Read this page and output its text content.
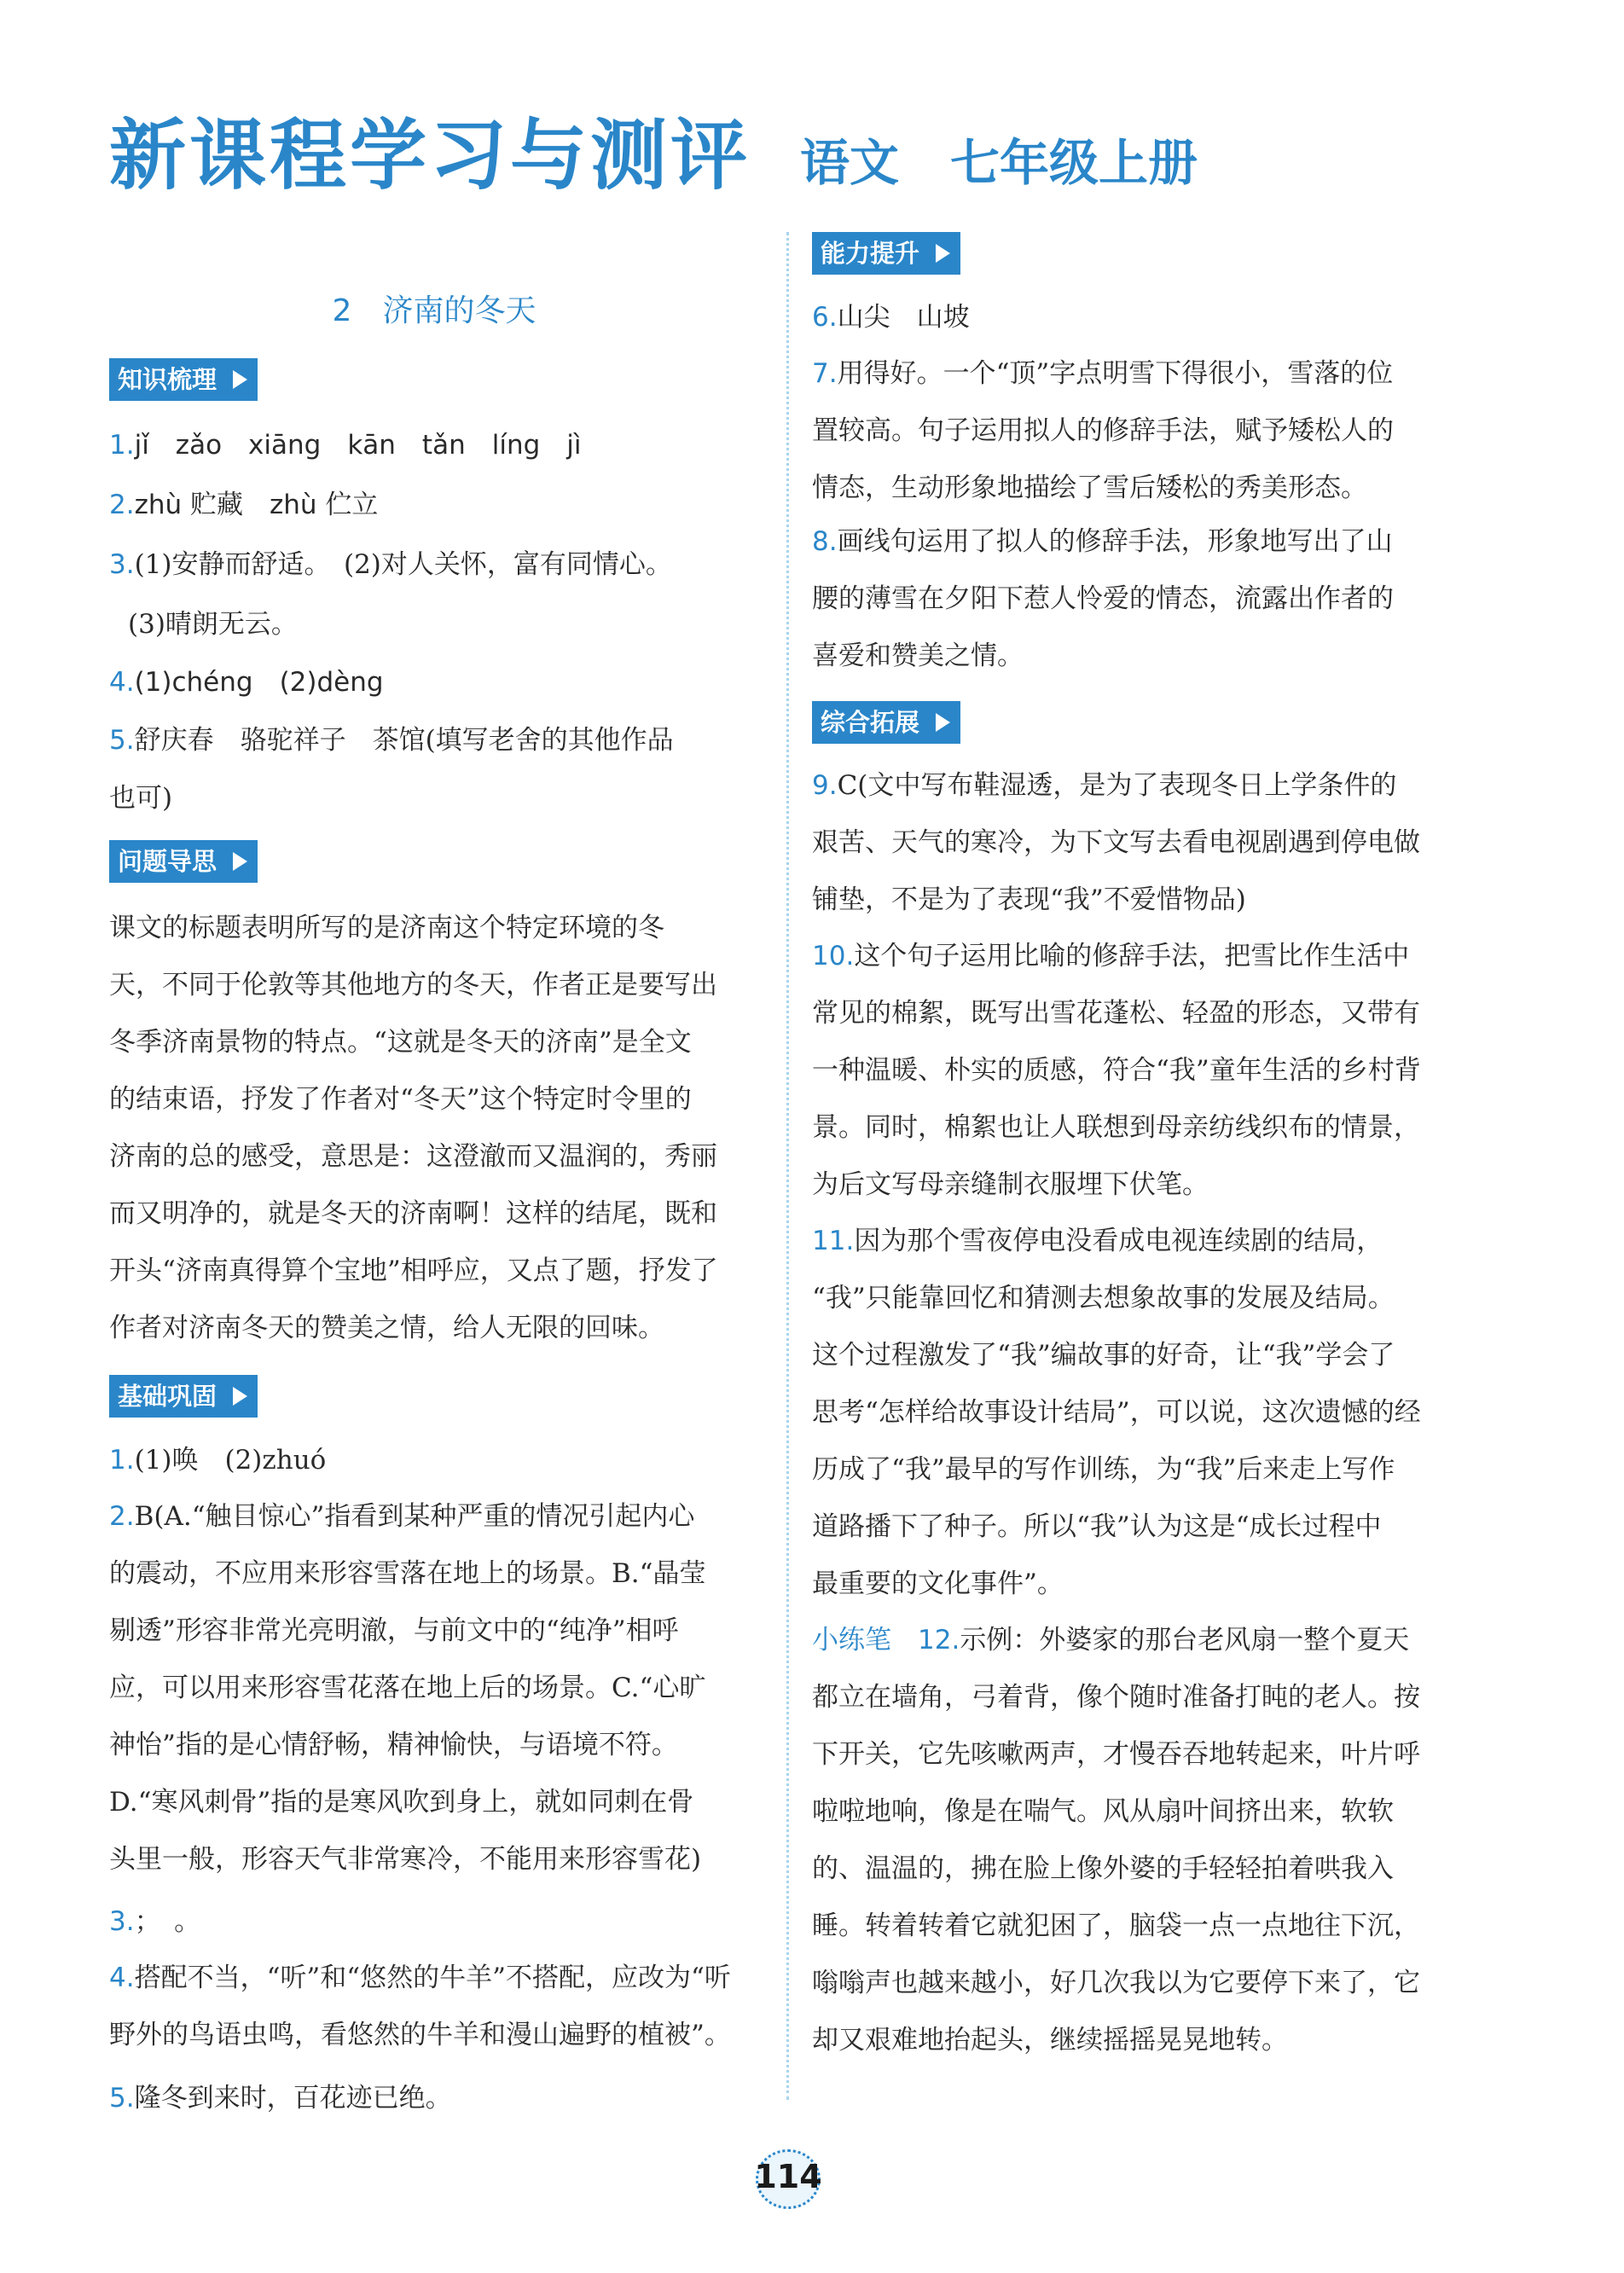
新课程学习与测评 语文 七年级上册
2　济南的冬天
知识梳理
1.jǐ　zǎo　xiāng　kān　tǎn　líng　jì
2.zhù 贮藏　zhù 伫立
3.(1)安静而舒适。　(2)对人关怀，富有同情心。
(3)晴朗无云。
4.(1)chéng　(2)dèng
5.舒庆春　骆驼祥子　茶馆(填写老舍的其他作品
也可)
问题导思
课文的标题表明所写的是济南这个特定环境的冬
天，不同于伦敦等其他地方的冬天，作者正是要写出
冬季济南景物的特点。“这就是冬天的济南”是全文
的结束语，抒发了作者对“冬天”这个特定时令里的
济南的总的感受，意思是：这澄澈而又温润的，秀丽
而又明净的，就是冬天的济南啊！这样的结尾，既和
开头“济南真得算个宝地”相呼应，又点了题，抒发了
作者对济南冬天的赞美之情，给人无限的回味。
基础巩固
1.(1)唤　(2)zhuó
2.B(A.“触目惊心”指看到某种严重的情况引起内心
的震动，不应用来形容雪落在地上的场景。B.“晶莹
剔透”形容非常光亮明澈，与前文中的“纯净”相呼
应，可以用来形容雪花落在地上后的场景。C.“心旷
神怡”指的是心情舒畅，精神愉快，与语境不符。
D.“寒风刺骨”指的是寒风吹到身上，就如同刺在骨
头里一般，形容天气非常寒冷，不能用来形容雪花)
3.；　。
4.搭配不当，“听”和“悠然的牛羊”不搭配，应改为“听
野外的鸟语虫鸣，看悠然的牛羊和漫山遍野的植被”。
5.隆冬到来时，百花迹已绝。
能力提升
6.山尖　山坡
7.用得好。一个“顶”字点明雪下得很小，雪落的位
置较高。句子运用拟人的修辞手法，赋予矮松人的
情态，生动形象地描绘了雪后矮松的秀美形态。
8.画线句运用了拟人的修辞手法，形象地写出了山
腰的薄雪在夕阳下惹人怜爱的情态，流露出作者的
喜爱和赞美之情。
综合拓展
9.C(文中写布鞋湿透，是为了表现冬日上学条件的
艰苦、天气的寒冷，为下文写去看电视剧遇到停电做
铺垫，不是为了表现“我”不爱惜物品)
10.这个句子运用比喻的修辞手法，把雪比作生活中
常见的棉絮，既写出雪花蓬松、轻盈的形态，又带有
一种温暖、朴实的质感，符合“我”童年生活的乡村背
景。同时，棉絮也让人联想到母亲纺线织布的情景，
为后文写母亲缝制衣服埋下伏笔。
11.因为那个雪夜停电没看成电视连续剧的结局，
“我”只能靠回忆和猜测去想象故事的发展及结局。
这个过程激发了“我”编故事的好奇，让“我”学会了
思考“怎样给故事设计结局”，可以说，这次遗憾的经
历成了“我”最早的写作训练，为“我”后来走上写作
道路播下了种子。所以“我”认为这是“成长过程中
最重要的文化事件”。
小练笔　 12.示例：外婆家的那台老风扇一整个夏天
都立在墙角，弓着背，像个随时准备打盹的老人。按
下开关，它先咳嗽两声，才慢吞吞地转起来，叶片呼
啦啦地响，像是在喘气。风从扇叶间挤出来，软软
的、温温的，拂在脸上像外婆的手轻轻拍着哄我入
睡。转着转着它就犯困了，脑袋一点一点地往下沉，
嗡嗡声也越来越小，好几次我以为它要停下来了，它
却又艰难地抬起头，继续摇摇晃晃地转。
114
